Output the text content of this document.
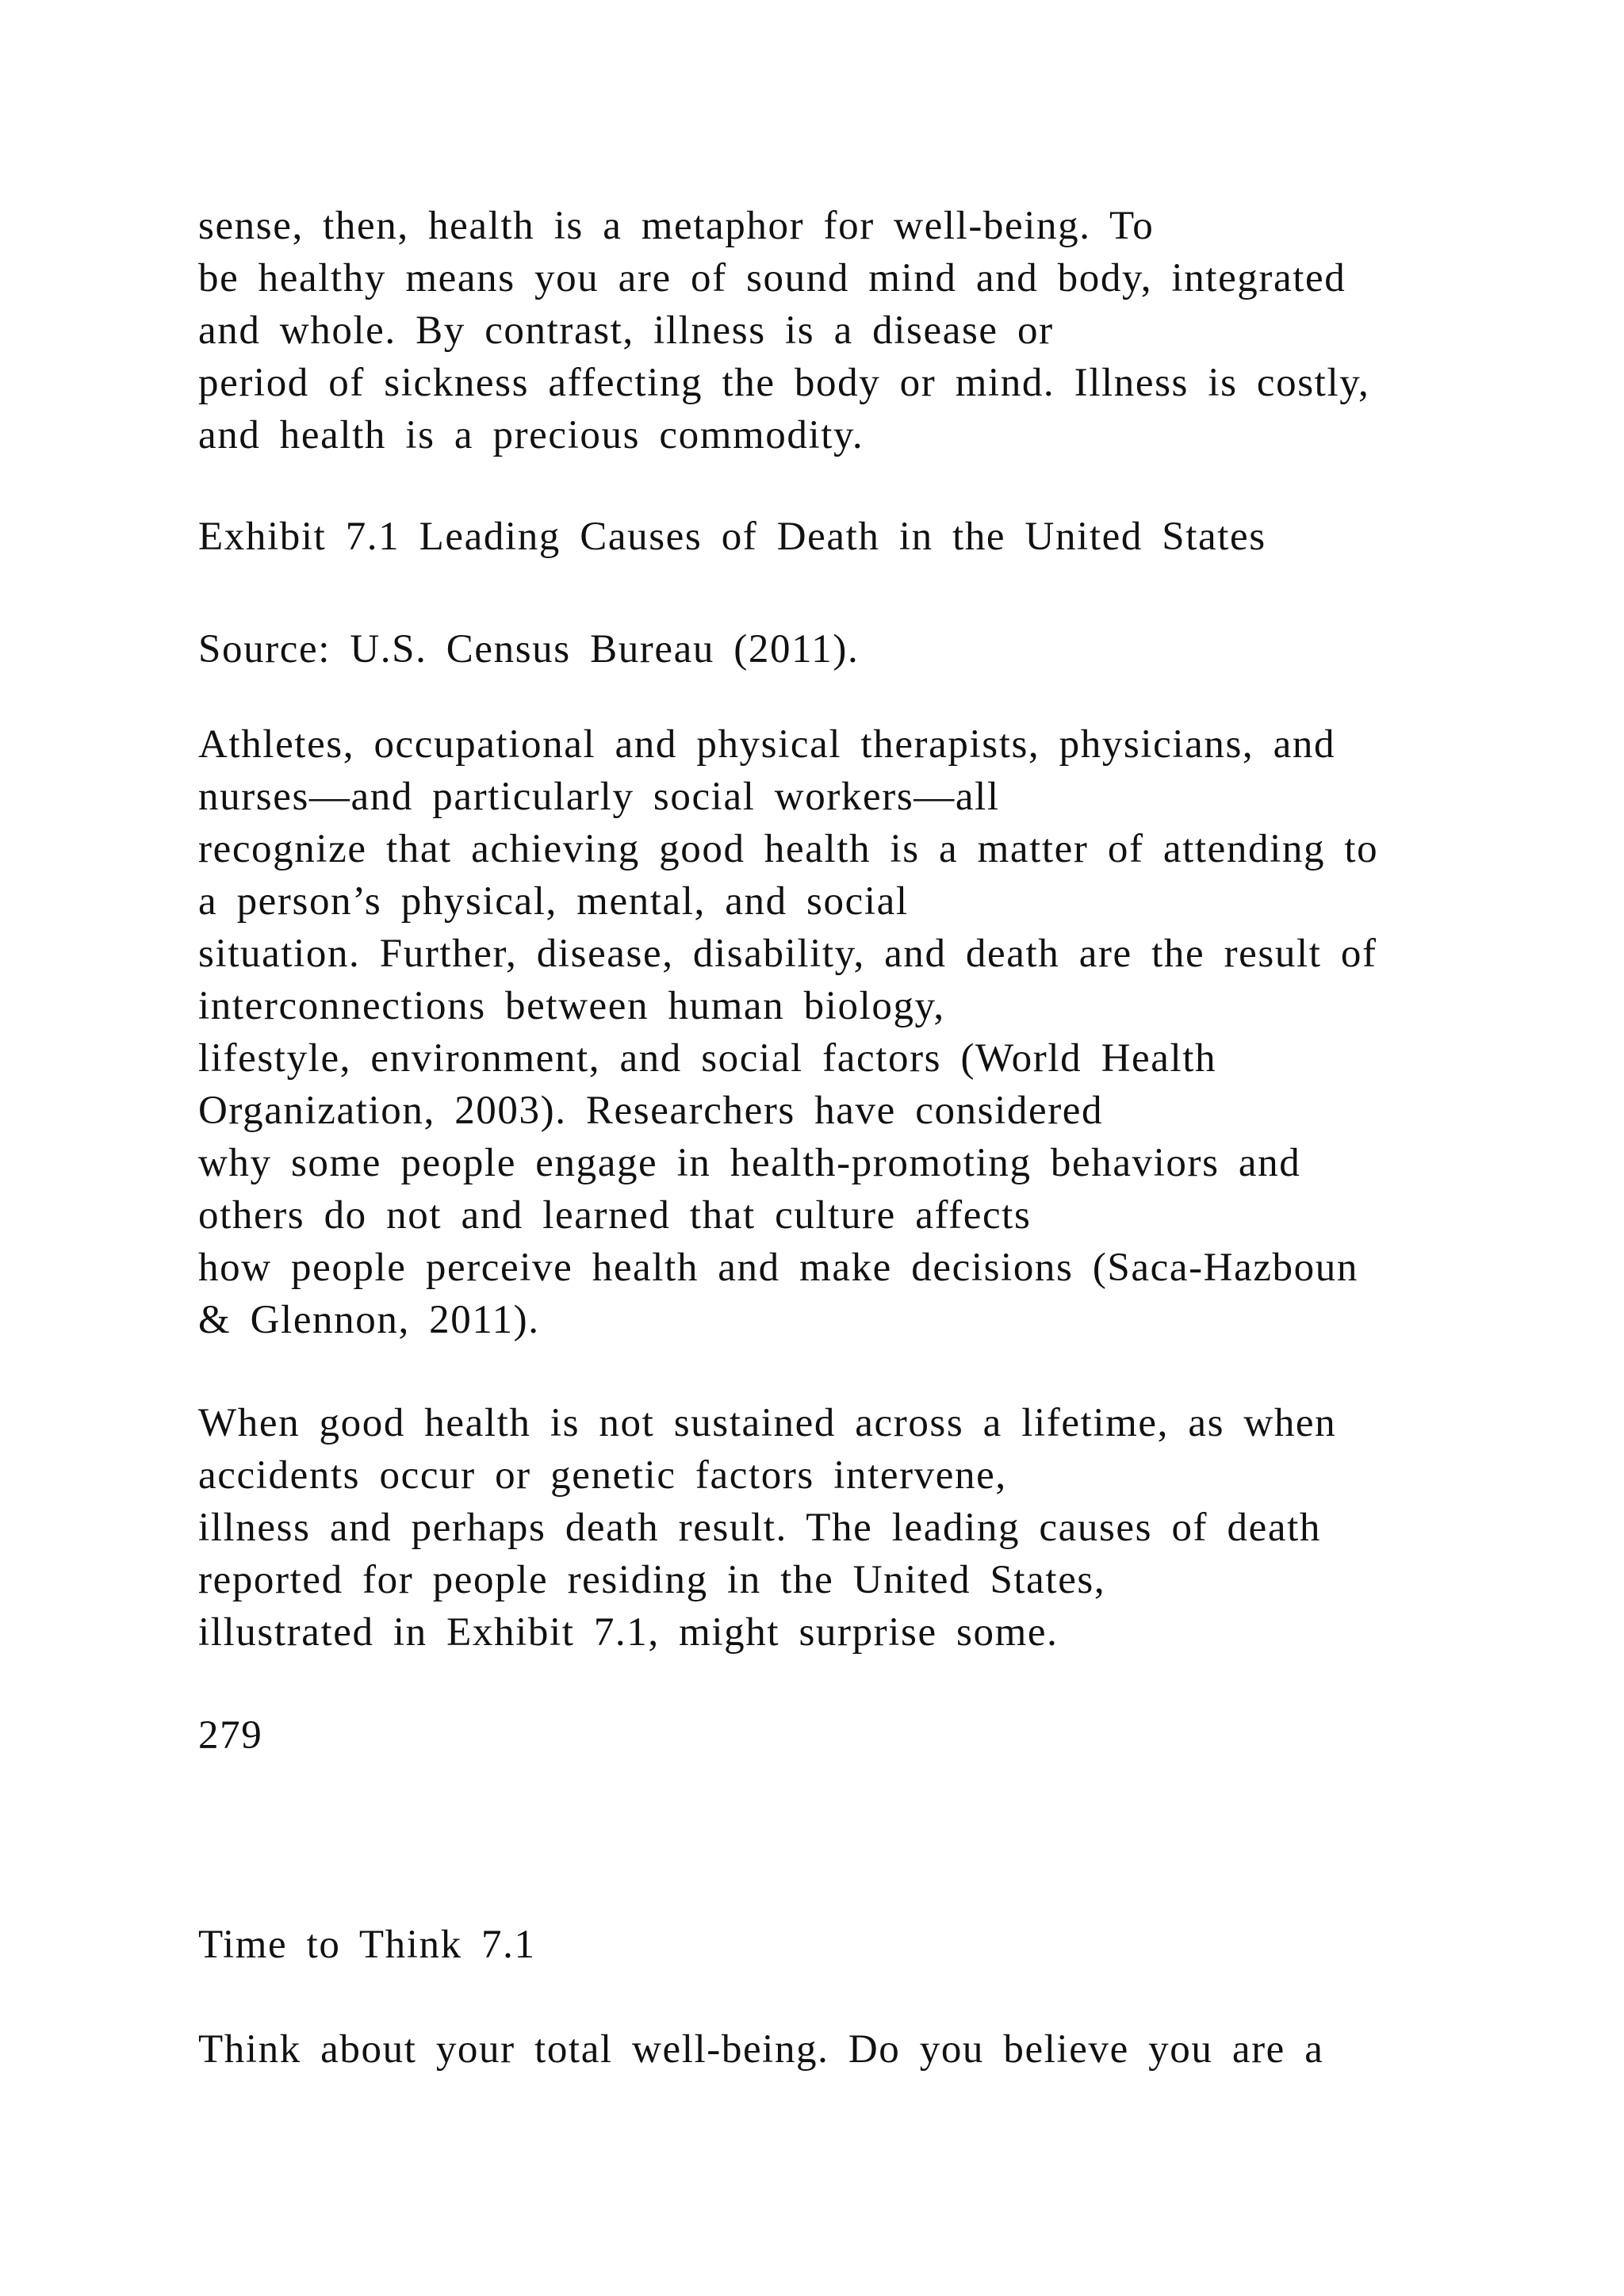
sense, then, health is a metaphor for well-being. To

be healthy means you are of sound mind and body, integrated

and whole. By contrast, illness is a disease or

period of sickness affecting the body or mind. Illness is costly,

and health is a precious commodity.

Exhibit 7.1 Leading Causes of Death in the United States

Source: U.S. Census Bureau (2011).

Athletes, occupational and physical therapists, physicians, and

nurses—and particularly social workers—all

recognize that achieving good health is a matter of attending to

a person’s physical, mental, and social

situation. Further, disease, disability, and death are the result of

interconnections between human biology,

lifestyle, environment, and social factors (World Health

Organization, 2003). Researchers have considered

why some people engage in health-promoting behaviors and

others do not and learned that culture affects

how people perceive health and make decisions (Saca-Hazboun

& Glennon, 2011).

When good health is not sustained across a lifetime, as when

accidents occur or genetic factors intervene,

illness and perhaps death result. The leading causes of death

reported for people residing in the United States,

illustrated in Exhibit 7.1, might surprise some.

279

Time to Think 7.1

Think about your total well-being. Do you believe you are a
